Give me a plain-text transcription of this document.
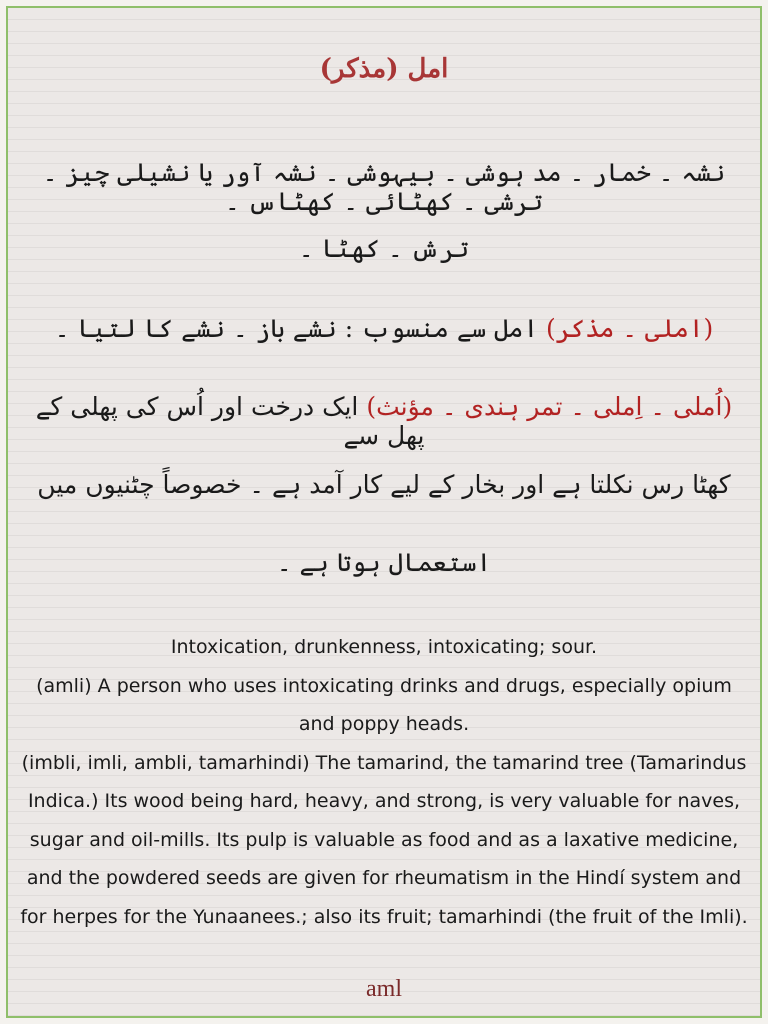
امل (مذکر)
نشہ ۔ خمار ۔ مد ہوشی ۔ بیہوشی ۔ نشہ آور یا نشیلی چیز ۔ ترشی ۔ کھٹائی ۔ کھٹاس ۔
ترش ۔ کھٹا ۔
(املی ۔ مذکر) امل سے منسوب : نشے باز ۔ نشے کا لتیا ۔
(اُملی ۔ اِملی ۔ تمر ہندی ۔ مؤنث) ایک درخت اور اُس کی پھلی کے پھل سے
کھٹا رس نکلتا ہے اور بخار کے لیے کار آمد ہے ۔ خصوصاً چٹنیوں میں
استعمال ہوتا ہے ۔

Intoxication, drunkenness, intoxicating; sour.

(amli) A person who uses intoxicating drinks and drugs, especially opium and poppy heads.

(imbli, imli, ambli, tamarhindi) The tamarind, the tamarind tree (Tamarindus Indica.) Its wood being hard, heavy, and strong, is very valuable for naves, sugar and oil-mills. Its pulp is valuable as food and as a laxative medicine, and the powdered seeds are given for rheumatism in the Hindí system and for herpes for the Yunaanees.; also its fruit; tamarhindi (the fruit of the Imli).

aml
